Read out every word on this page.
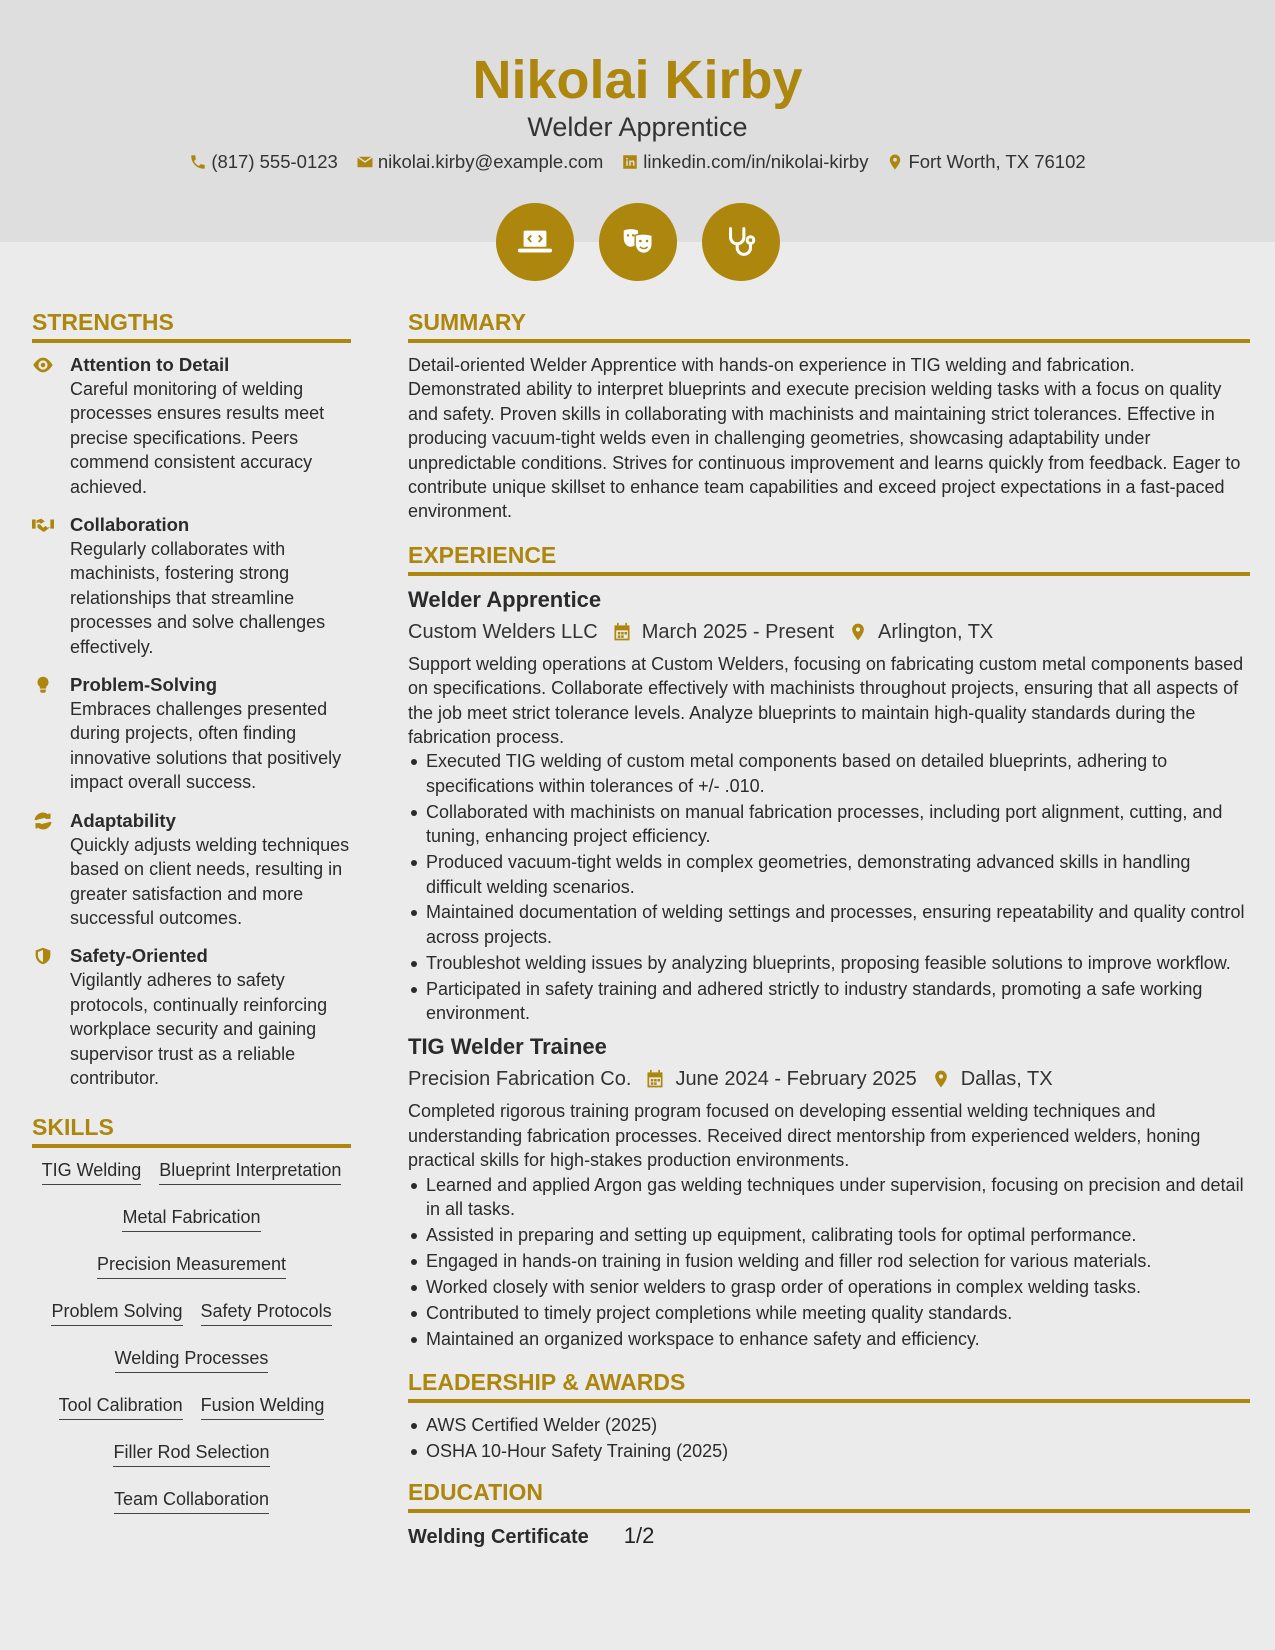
Nikolai Kirby
Welder Apprentice
(817) 555-0123 nikolai.kirby@example.com linkedin.com/in/nikolai-kirby Fort Worth, TX 76102
STRENGTHS
Attention to Detail
Careful monitoring of welding processes ensures results meet precise specifications. Peers commend consistent accuracy achieved.
Collaboration
Regularly collaborates with machinists, fostering strong relationships that streamline processes and solve challenges effectively.
Problem-Solving
Embraces challenges presented during projects, often finding innovative solutions that positively impact overall success.
Adaptability
Quickly adjusts welding techniques based on client needs, resulting in greater satisfaction and more successful outcomes.
Safety-Oriented
Vigilantly adheres to safety protocols, continually reinforcing workplace security and gaining supervisor trust as a reliable contributor.
SKILLS
TIG Welding Blueprint Interpretation
Metal Fabrication
Precision Measurement
Problem Solving Safety Protocols
Welding Processes
Tool Calibration Fusion Welding
Filler Rod Selection
Team Collaboration
SUMMARY
Detail-oriented Welder Apprentice with hands-on experience in TIG welding and fabrication. Demonstrated ability to interpret blueprints and execute precision welding tasks with a focus on quality and safety. Proven skills in collaborating with machinists and maintaining strict tolerances. Effective in producing vacuum-tight welds even in challenging geometries, showcasing adaptability under unpredictable conditions. Strives for continuous improvement and learns quickly from feedback. Eager to contribute unique skillset to enhance team capabilities and exceed project expectations in a fast-paced environment.
EXPERIENCE
Welder Apprentice
Custom Welders LLC March 2025 - Present Arlington, TX
Support welding operations at Custom Welders, focusing on fabricating custom metal components based on specifications. Collaborate effectively with machinists throughout projects, ensuring that all aspects of the job meet strict tolerance levels. Analyze blueprints to maintain high-quality standards during the fabrication process.
Executed TIG welding of custom metal components based on detailed blueprints, adhering to specifications within tolerances of +/- .010.
Collaborated with machinists on manual fabrication processes, including port alignment, cutting, and tuning, enhancing project efficiency.
Produced vacuum-tight welds in complex geometries, demonstrating advanced skills in handling difficult welding scenarios.
Maintained documentation of welding settings and processes, ensuring repeatability and quality control across projects.
Troubleshot welding issues by analyzing blueprints, proposing feasible solutions to improve workflow.
Participated in safety training and adhered strictly to industry standards, promoting a safe working environment.
TIG Welder Trainee
Precision Fabrication Co. June 2024 - February 2025 Dallas, TX
Completed rigorous training program focused on developing essential welding techniques and understanding fabrication processes. Received direct mentorship from experienced welders, honing practical skills for high-stakes production environments.
Learned and applied Argon gas welding techniques under supervision, focusing on precision and detail in all tasks.
Assisted in preparing and setting up equipment, calibrating tools for optimal performance.
Engaged in hands-on training in fusion welding and filler rod selection for various materials.
Worked closely with senior welders to grasp order of operations in complex welding tasks.
Contributed to timely project completions while meeting quality standards.
Maintained an organized workspace to enhance safety and efficiency.
LEADERSHIP & AWARDS
AWS Certified Welder (2025)
OSHA 10-Hour Safety Training (2025)
EDUCATION
Welding Certificate 1/2
